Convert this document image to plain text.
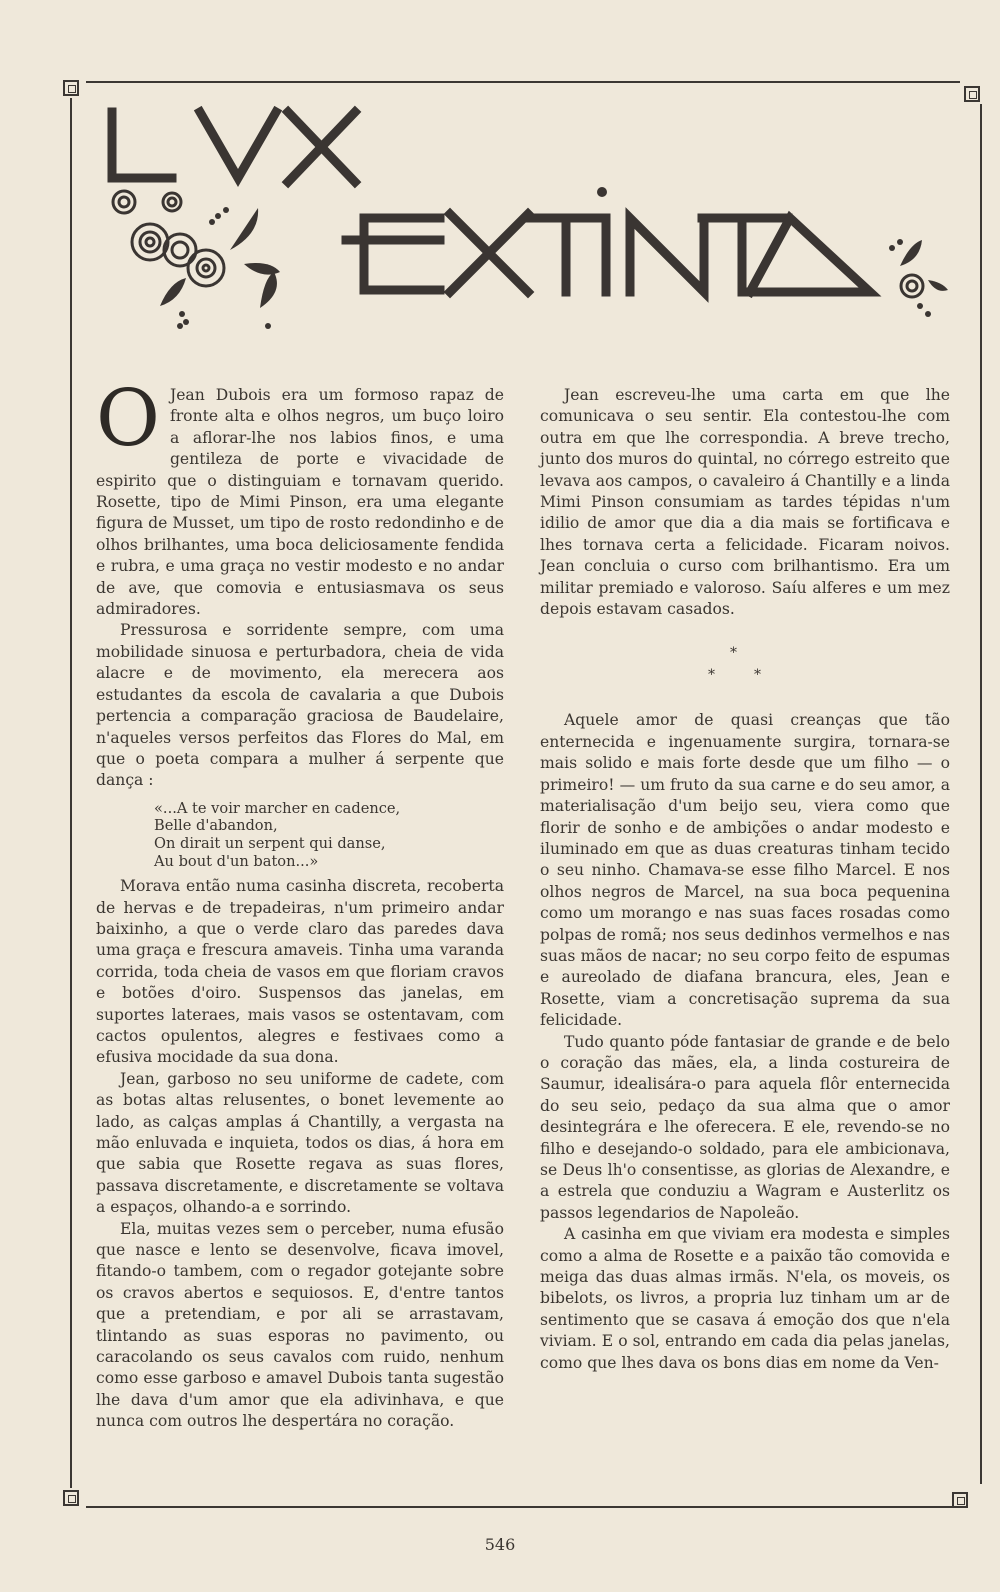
O Jean Dubois era um formoso rapaz de fronte alta e olhos negros, um buço loiro a aflorar-lhe nos labios finos, e uma gentileza de porte e vivacidade de espirito que o distinguiam e tornavam querido. Rosette, tipo de Mimi Pinson, era uma elegante figura de Musset, um tipo de rosto redondinho e de olhos brilhantes, uma boca deliciosamente fendida e rubra, e uma graça no vestir modesto e no andar de ave, que comovia e entusiasmava os seus admiradores.

Pressurosa e sorridente sempre, com uma mobilidade sinuosa e perturbadora, cheia de vida alacre e de movimento, ela merecera aos estudantes da escola de cavalaria a que Dubois pertencia a comparação graciosa de Baudelaire, n'aqueles versos perfeitos das Flores do Mal, em que o poeta compara a mulher á serpente que dança :

«...A te voir marcher en cadence,
Belle d'abandon,
On dirait un serpent qui danse,
Au bout d'un baton...»

Morava então numa casinha discreta, recoberta de hervas e de trepadeiras, n'um primeiro andar baixinho, a que o verde claro das paredes dava uma graça e frescura amaveis. Tinha uma varanda corrida, toda cheia de vasos em que floriam cravos e botões d'oiro. Suspensos das janelas, em suportes lateraes, mais vasos se ostentavam, com cactos opulentos, alegres e festivaes como a efusiva mocidade da sua dona.

Jean, garboso no seu uniforme de cadete, com as botas altas relusentes, o bonet levemente ao lado, as calças amplas á Chantilly, a vergasta na mão enluvada e inquieta, todos os dias, á hora em que sabia que Rosette regava as suas flores, passava discretamente, e discretamente se voltava a espaços, olhando-a e sorrindo.

Ela, muitas vezes sem o perceber, numa efusão que nasce e lento se desenvolve, ficava imovel, fitando-o tambem, com o regador gotejante sobre os cravos abertos e sequiosos. E, d'entre tantos que a pretendiam, e por ali se arrastavam, tlintando as suas esporas no pavimento, ou caracolando os seus cavalos com ruido, nenhum como esse garboso e amavel Dubois tanta sugestão lhe dava d'um amor que ela adivinhava, e que nunca com outros lhe despertára no coração.

Jean escreveu-lhe uma carta em que lhe comunicava o seu sentir. Ela contestou-lhe com outra em que lhe correspondia. A breve trecho, junto dos muros do quintal, no córrego estreito que levava aos campos, o cavaleiro á Chantilly e a linda Mimi Pinson consumiam as tardes tépidas n'um idilio de amor que dia a dia mais se fortificava e lhes tornava certa a felicidade. Ficaram noivos. Jean concluia o curso com brilhantismo. Era um militar premiado e valoroso. Saíu alferes e um mez depois estavam casados.

*
*	*

Aquele amor de quasi creanças que tão enternecida e ingenuamente surgira, tornara-se mais solido e mais forte desde que um filho — o primeiro! — um fruto da sua carne e do seu amor, a materialisação d'um beijo seu, viera como que florir de sonho e de ambições o andar modesto e iluminado em que as duas creaturas tinham tecido o seu ninho. Chamava-se esse filho Marcel. E nos olhos negros de Marcel, na sua boca pequenina como um morango e nas suas faces rosadas como polpas de romã; nos seus dedinhos vermelhos e nas suas mãos de nacar; no seu corpo feito de espumas e aureolado de diafana brancura, eles, Jean e Rosette, viam a concretisação suprema da sua felicidade.

Tudo quanto póde fantasiar de grande e de belo o coração das mães, ela, a linda costureira de Saumur, idealisára-o para aquela flôr enternecida do seu seio, pedaço da sua alma que o amor desintegrára e lhe oferecera. E ele, revendo-se no filho e desejando-o soldado, para ele ambicionava, se Deus lh'o consentisse, as glorias de Alexandre, e a estrela que conduziu a Wagram e Austerlitz os passos legendarios de Napoleão.

A casinha em que viviam era modesta e simples como a alma de Rosette e a paixão tão comovida e meiga das duas almas irmãs. N'ela, os moveis, os bibelots, os livros, a propria luz tinham um ar de sentimento que se casava á emoção dos que n'ela viviam. E o sol, entrando em cada dia pelas janelas, como que lhes dava os bons dias em nome da Ven-

546
